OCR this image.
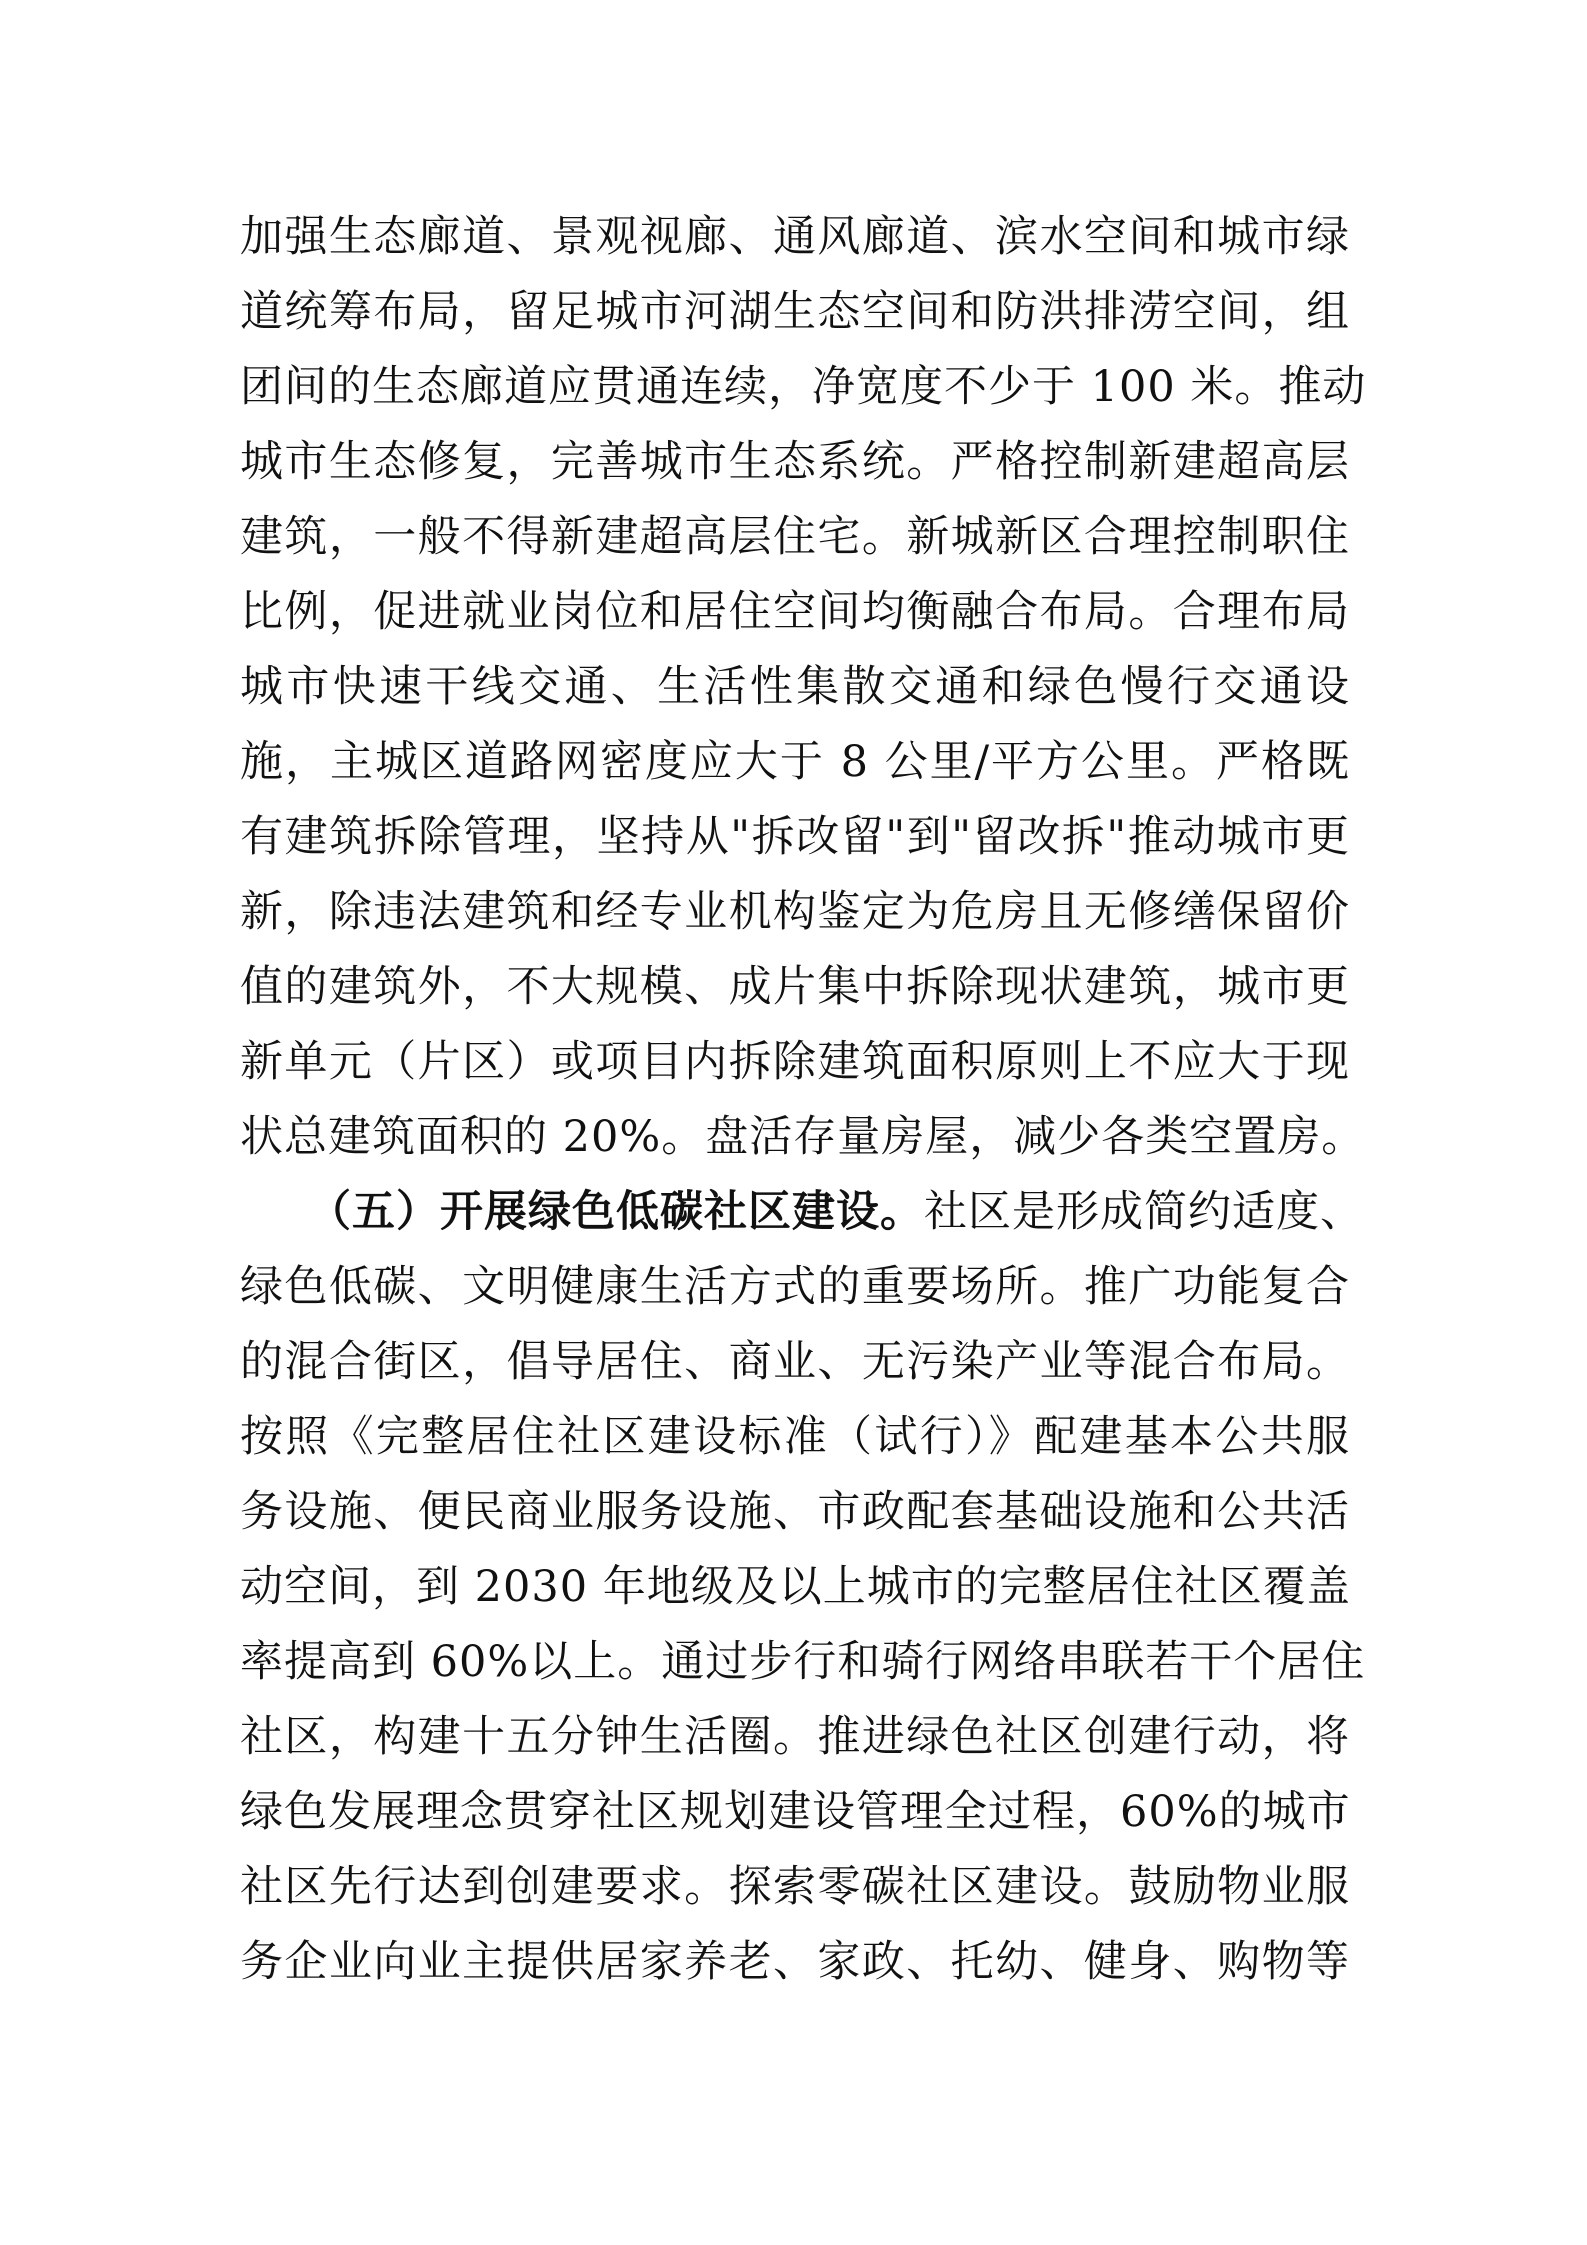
加强生态廊道、景观视廊、通风廊道、滨水空间和城市绿
道统筹布局，留足城市河湖生态空间和防洪排涝空间，组
团间的生态廊道应贯通连续，净宽度不少于 100 米。推动
城市生态修复，完善城市生态系统。严格控制新建超高层
建筑，一般不得新建超高层住宅。新城新区合理控制职住
比例，促进就业岗位和居住空间均衡融合布局。合理布局
城市快速干线交通、生活性集散交通和绿色慢行交通设
施，主城区道路网密度应大于 8 公里/平方公里。严格既
有建筑拆除管理，坚持从"拆改留"到"留改拆"推动城市更
新，除违法建筑和经专业机构鉴定为危房且无修缮保留价
值的建筑外，不大规模、成片集中拆除现状建筑，城市更
新单元（片区）或项目内拆除建筑面积原则上不应大于现
状总建筑面积的 20%。盘活存量房屋，减少各类空置房。
（五）开展绿色低碳社区建设。社区是形成简约适度、
绿色低碳、文明健康生活方式的重要场所。推广功能复合
的混合街区，倡导居住、商业、无污染产业等混合布局。
按照《完整居住社区建设标准（试行）》配建基本公共服
务设施、便民商业服务设施、市政配套基础设施和公共活
动空间，到 2030 年地级及以上城市的完整居住社区覆盖
率提高到 60%以上。通过步行和骑行网络串联若干个居住
社区，构建十五分钟生活圈。推进绿色社区创建行动，将
绿色发展理念贯穿社区规划建设管理全过程，60%的城市
社区先行达到创建要求。探索零碳社区建设。鼓励物业服
务企业向业主提供居家养老、家政、托幼、健身、购物等
